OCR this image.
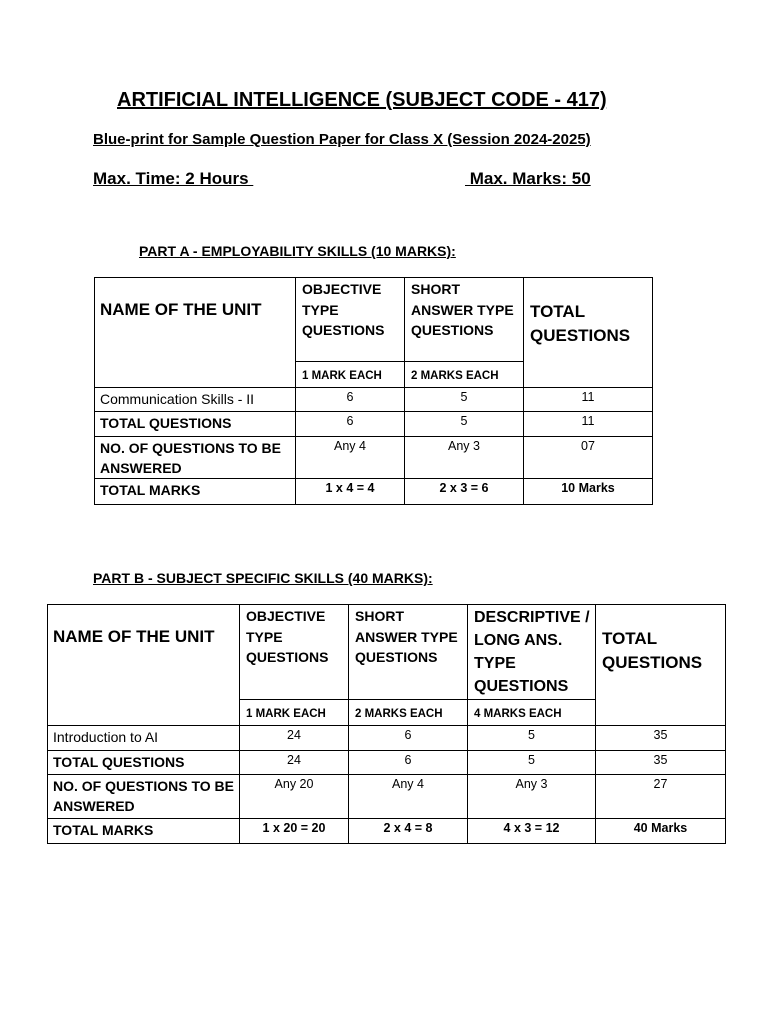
ARTIFICIAL INTELLIGENCE (SUBJECT CODE - 417)
Blue-print for Sample Question Paper for Class X (Session 2024-2025)
Max. Time: 2 Hours	Max. Marks: 50
PART A - EMPLOYABILITY SKILLS (10 MARKS):
NAME OF THE UNIT	OBJECTIVE TYPE QUESTIONS	SHORT ANSWER TYPE QUESTIONS	TOTAL QUESTIONS
	1 MARK EACH	2 MARKS EACH	
Communication Skills - II	6	5	11
TOTAL QUESTIONS	6	5	11
NO. OF QUESTIONS TO BE ANSWERED	Any 4	Any 3	07
TOTAL MARKS	1 x 4 = 4	2 x 3 = 6	10 Marks
PART B - SUBJECT SPECIFIC SKILLS (40 MARKS):
NAME OF THE UNIT	OBJECTIVE TYPE QUESTIONS	SHORT ANSWER TYPE QUESTIONS	DESCRIPTIVE / LONG ANS. TYPE QUESTIONS	TOTAL QUESTIONS
	1 MARK EACH	2 MARKS EACH	4 MARKS EACH	
Introduction to AI	24	6	5	35
TOTAL QUESTIONS	24	6	5	35
NO. OF QUESTIONS TO BE ANSWERED	Any 20	Any 4	Any 3	27
TOTAL MARKS	1 x 20 = 20	2 x 4 = 8	4 x 3 = 12	40 Marks
